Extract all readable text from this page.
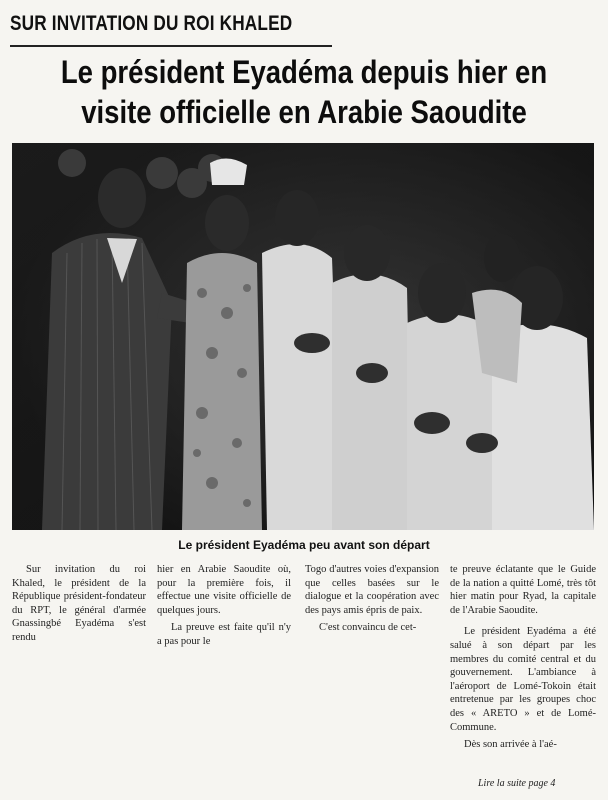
SUR INVITATION DU ROI KHALED
Le président Eyadéma depuis hier en
visite officielle en Arabie Saoudite
Le président Eyadéma peu avant son départ

Sur invitation du roi Khaled, le président de la République président-fondateur du RPT, le général d'armée Gnassingbé Eyadéma s'est rendu

hier en Arabie Saoudite où, pour la première fois, il effectue une visite officielle de quelques jours.

La preuve est faite qu'il n'y a pas pour le

Togo d'autres voies d'expansion que celles basées sur le dialogue et la coopération avec des pays amis épris de paix.

C'est convaincu de cet-

te preuve éclatante que le Guide de la nation a quitté Lomé, très tôt hier matin pour Ryad, la capitale de l'Arabie Saoudite.

Le président Eyadéma a été salué à son départ par les membres du comité central et du gouvernement. L'ambiance à l'aéroport de Lomé-Tokoin était entretenue par les groupes choc des « ARETO » et de Lomé-Commune.

Dès son arrivée à l'aé-

Lire la suite page 4
